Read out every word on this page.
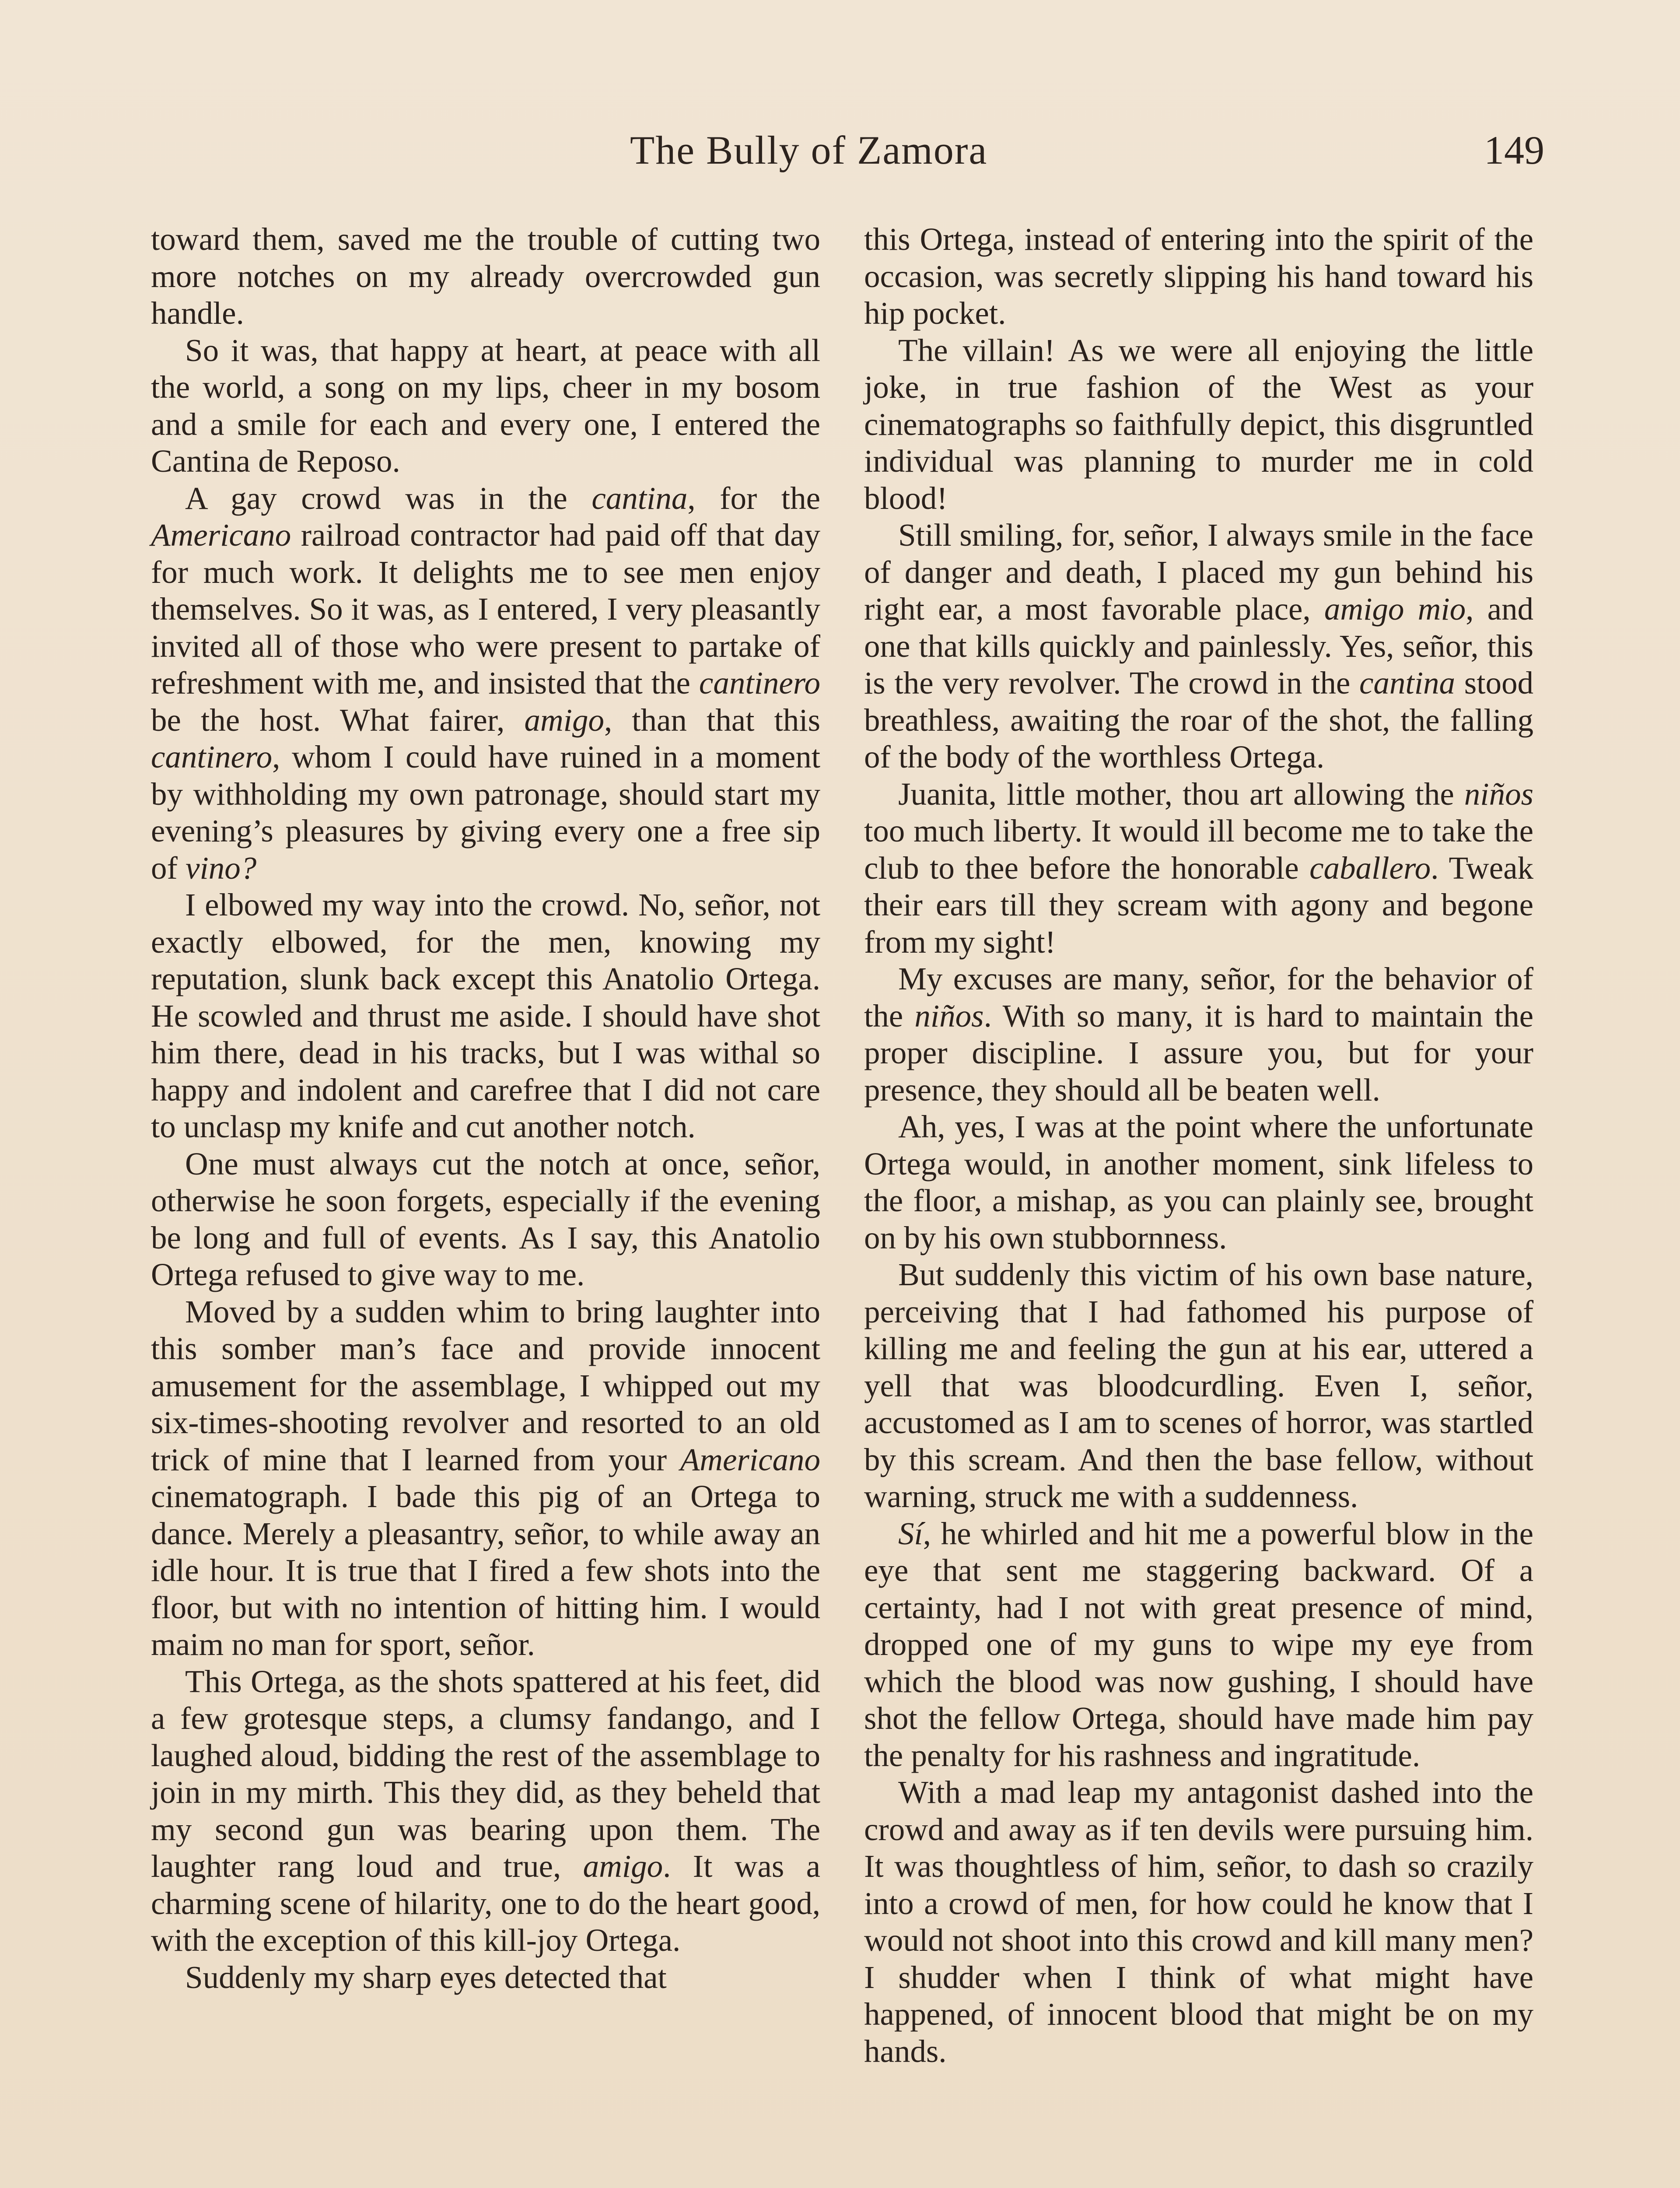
The Bully of Zamora	149

toward them, saved me the trouble of cutting two more notches on my already overcrowded gun handle.

So it was, that happy at heart, at peace with all the world, a song on my lips, cheer in my bosom and a smile for each and every one, I entered the Cantina de Reposo.

A gay crowd was in the cantina, for the Americano railroad contractor had paid off that day for much work. It delights me to see men enjoy themselves. So it was, as I entered, I very pleasantly invited all of those who were present to partake of refreshment with me, and insisted that the cantinero be the host. What fairer, amigo, than that this cantinero, whom I could have ruined in a moment by withholding my own patronage, should start my evening’s pleasures by giving every one a free sip of vino?

I elbowed my way into the crowd. No, señor, not exactly elbowed, for the men, knowing my reputation, slunk back except this Anatolio Ortega. He scowled and thrust me aside. I should have shot him there, dead in his tracks, but I was withal so happy and indolent and carefree that I did not care to unclasp my knife and cut another notch.

One must always cut the notch at once, señor, otherwise he soon forgets, especially if the evening be long and full of events. As I say, this Anatolio Ortega refused to give way to me.

Moved by a sudden whim to bring laughter into this somber man’s face and provide innocent amusement for the assemblage, I whipped out my six-times-shooting revolver and resorted to an old trick of mine that I learned from your Americano cinematograph. I bade this pig of an Ortega to dance. Merely a pleasantry, señor, to while away an idle hour. It is true that I fired a few shots into the floor, but with no intention of hitting him. I would maim no man for sport, señor.

This Ortega, as the shots spattered at his feet, did a few grotesque steps, a clumsy fandango, and I laughed aloud, bidding the rest of the assemblage to join in my mirth. This they did, as they beheld that my second gun was bearing upon them. The laughter rang loud and true, amigo. It was a charming scene of hilarity, one to do the heart good, with the exception of this kill-joy Ortega.

Suddenly my sharp eyes detected that

this Ortega, instead of entering into the spirit of the occasion, was secretly slipping his hand toward his hip pocket.

The villain! As we were all enjoying the little joke, in true fashion of the West as your cinematographs so faithfully depict, this disgruntled individual was planning to murder me in cold blood!

Still smiling, for, señor, I always smile in the face of danger and death, I placed my gun behind his right ear, a most favorable place, amigo mio, and one that kills quickly and painlessly. Yes, señor, this is the very revolver. The crowd in the cantina stood breathless, awaiting the roar of the shot, the falling of the body of the worthless Ortega.

Juanita, little mother, thou art allowing the niños too much liberty. It would ill become me to take the club to thee before the honorable caballero. Tweak their ears till they scream with agony and begone from my sight!

My excuses are many, señor, for the behavior of the niños. With so many, it is hard to maintain the proper discipline. I assure you, but for your presence, they should all be beaten well.

Ah, yes, I was at the point where the unfortunate Ortega would, in another moment, sink lifeless to the floor, a mishap, as you can plainly see, brought on by his own stubbornness.

But suddenly this victim of his own base nature, perceiving that I had fathomed his purpose of killing me and feeling the gun at his ear, uttered a yell that was bloodcurdling. Even I, señor, accustomed as I am to scenes of horror, was startled by this scream. And then the base fellow, without warning, struck me with a suddenness.

Sí, he whirled and hit me a powerful blow in the eye that sent me staggering backward. Of a certainty, had I not with great presence of mind, dropped one of my guns to wipe my eye from which the blood was now gushing, I should have shot the fellow Ortega, should have made him pay the penalty for his rashness and ingratitude.

With a mad leap my antagonist dashed into the crowd and away as if ten devils were pursuing him. It was thoughtless of him, señor, to dash so crazily into a crowd of men, for how could he know that I would not shoot into this crowd and kill many men? I shudder when I think of what might have happened, of innocent blood that might be on my hands.
